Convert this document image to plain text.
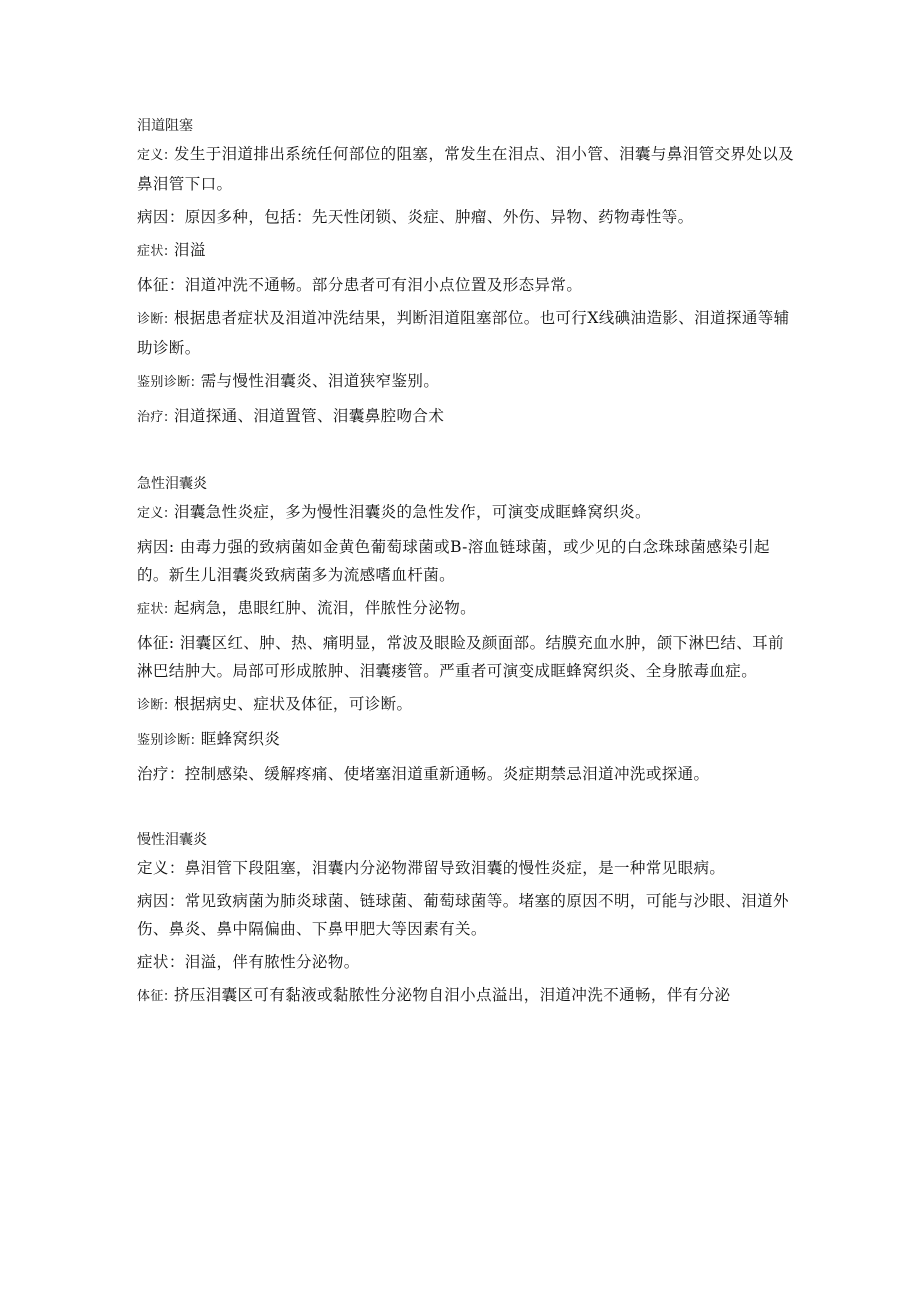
泪道阻塞

定义: 发生于泪道排出系统任何部位的阻塞，常发生在泪点、泪小管、泪囊与鼻泪管交界处以及鼻泪管下口。

病因：原因多种，包括：先天性闭锁、炎症、肿瘤、外伤、异物、药物毒性等。

症状: 泪溢

体征：泪道冲洗不通畅。部分患者可有泪小点位置及形态异常。

诊断: 根据患者症状及泪道冲洗结果，判断泪道阻塞部位。也可行X线碘油造影、泪道探通等辅助诊断。

鉴别诊断: 需与慢性泪囊炎、泪道狭窄鉴别。

治疗: 泪道探通、泪道置管、泪囊鼻腔吻合术

急性泪囊炎

定义: 泪囊急性炎症，多为慢性泪囊炎的急性发作，可演变成眶蜂窝织炎。

病因: 由毒力强的致病菌如金黄色葡萄球菌或B-溶血链球菌，或少见的白念珠球菌感染引起的。新生儿泪囊炎致病菌多为流感嗜血杆菌。

症状: 起病急，患眼红肿、流泪，伴脓性分泌物。

体征: 泪囊区红、肿、热、痛明显，常波及眼睑及颜面部。结膜充血水肿，颌下淋巴结、耳前淋巴结肿大。局部可形成脓肿、泪囊瘘管。严重者可演变成眶蜂窝织炎、全身脓毒血症。

诊断: 根据病史、症状及体征，可诊断。

鉴别诊断: 眶蜂窝织炎

治疗：控制感染、缓解疼痛、使堵塞泪道重新通畅。炎症期禁忌泪道冲洗或探通。

慢性泪囊炎

定义：鼻泪管下段阻塞，泪囊内分泌物滞留导致泪囊的慢性炎症，是一种常见眼病。

病因：常见致病菌为肺炎球菌、链球菌、葡萄球菌等。堵塞的原因不明，可能与沙眼、泪道外伤、鼻炎、鼻中隔偏曲、下鼻甲肥大等因素有关。

症状：泪溢，伴有脓性分泌物。

体征: 挤压泪囊区可有黏液或黏脓性分泌物自泪小点溢出，泪道冲洗不通畅，伴有分泌
